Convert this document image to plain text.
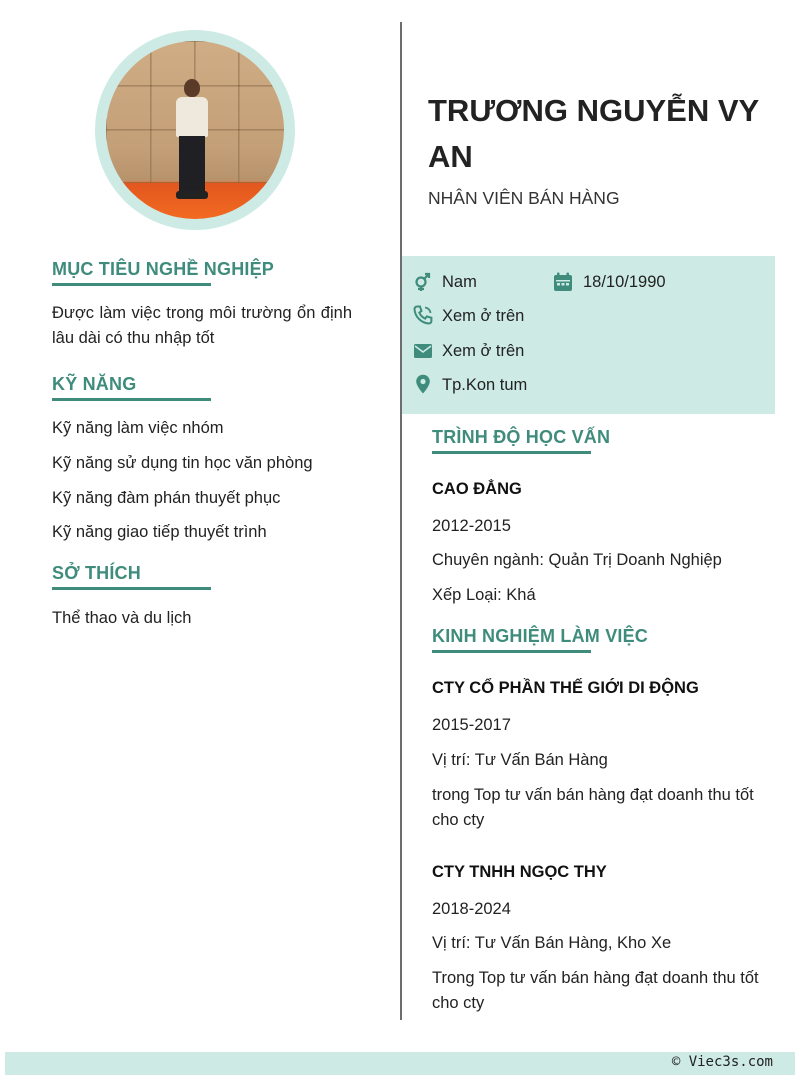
MỤC TIÊU NGHỀ NGHIỆP
Được làm việc trong môi trường ổn định lâu dài có thu nhập tốt
KỸ NĂNG
Kỹ năng làm việc nhóm
Kỹ năng sử dụng tin học văn phòng
Kỹ năng đàm phán thuyết phục
Kỹ năng giao tiếp thuyết trình
SỞ THÍCH
Thể thao và du lịch
TRƯƠNG NGUYỄN VY AN
NHÂN VIÊN BÁN HÀNG
Nam	18/10/1990
Xem ở trên
Xem ở trên
Tp.Kon tum
TRÌNH ĐỘ HỌC VẤN
CAO ĐẲNG
2012-2015
Chuyên ngành: Quản Trị Doanh Nghiệp
Xếp Loại: Khá
KINH NGHIỆM LÀM VIỆC
CTY CỔ PHẦN THẾ GIỚI DI ĐỘNG
2015-2017
Vị trí: Tư Vấn Bán Hàng
trong Top tư vấn bán hàng đạt doanh thu tốt cho cty
CTY TNHH NGỌC THY
2018-2024
Vị trí: Tư Vấn Bán Hàng, Kho Xe
Trong Top tư vấn bán hàng đạt doanh thu tốt cho cty
© Viec3s.com
